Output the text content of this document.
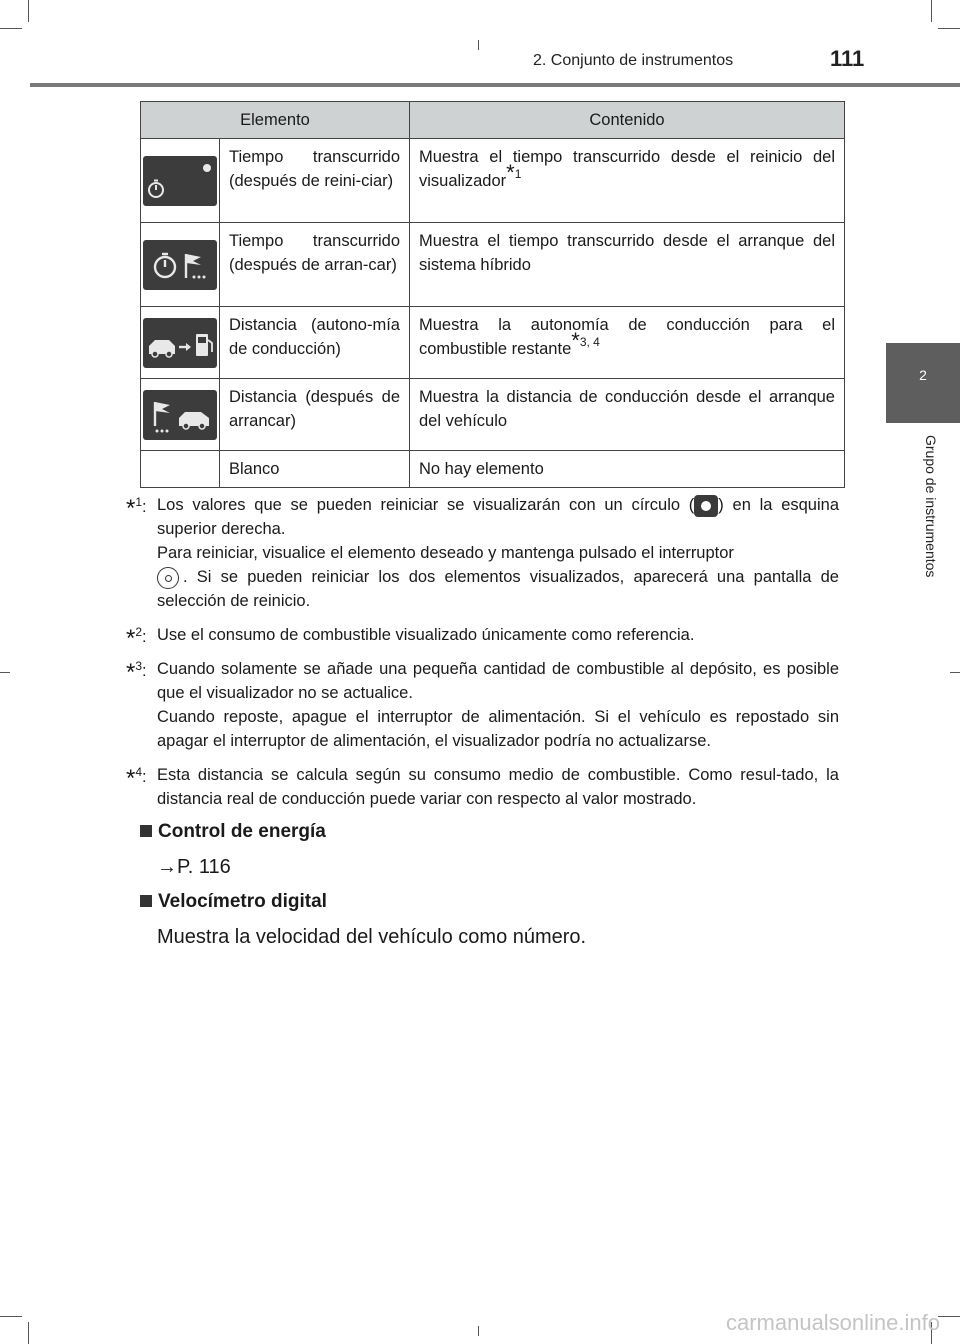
2. Conjunto de instrumentos	111
2
Grupo de instrumentos
Elemento		Contenido

	Tiempo transcurrido (después de reini-ciar)	Muestra el tiempo transcurrido desde el reinicio del visualizador$^{*1}$

	Tiempo transcurrido (después de arran-car)	Muestra el tiempo transcurrido desde el arranque del sistema híbrido

	Distancia (autono-mía de conducción)	Muestra la autonomía de conducción para el combustible restante$^{*3, 4}$

	Distancia (después de arrancar)	Muestra la distancia de conducción desde el arranque del vehículo
	Blanco	No hay elemento
*$^1$: Los valores que se pueden reiniciar se visualizarán con un círculo ( ) en la esquina superior derecha.
Para reiniciar, visualice el elemento deseado y mantenga pulsado el interruptor
. Si se pueden reiniciar los dos elementos visualizados, aparecerá una pantalla de selección de reinicio.
*$^2$: Use el consumo de combustible visualizado únicamente como referencia.
*$^3$: Cuando solamente se añade una pequeña cantidad de combustible al depósito, es posible que el visualizador no se actualice.
Cuando reposte, apague el interruptor de alimentación. Si el vehículo es repostado sin apagar el interruptor de alimentación, el visualizador podría no actualizarse.
*$^4$: Esta distancia se calcula según su consumo medio de combustible. Como resul-tado, la distancia real de conducción puede variar con respecto al valor mostrado.
Control de energía
→P. 116
Velocímetro digital
Muestra la velocidad del vehículo como número.
carmanualsonline.info
